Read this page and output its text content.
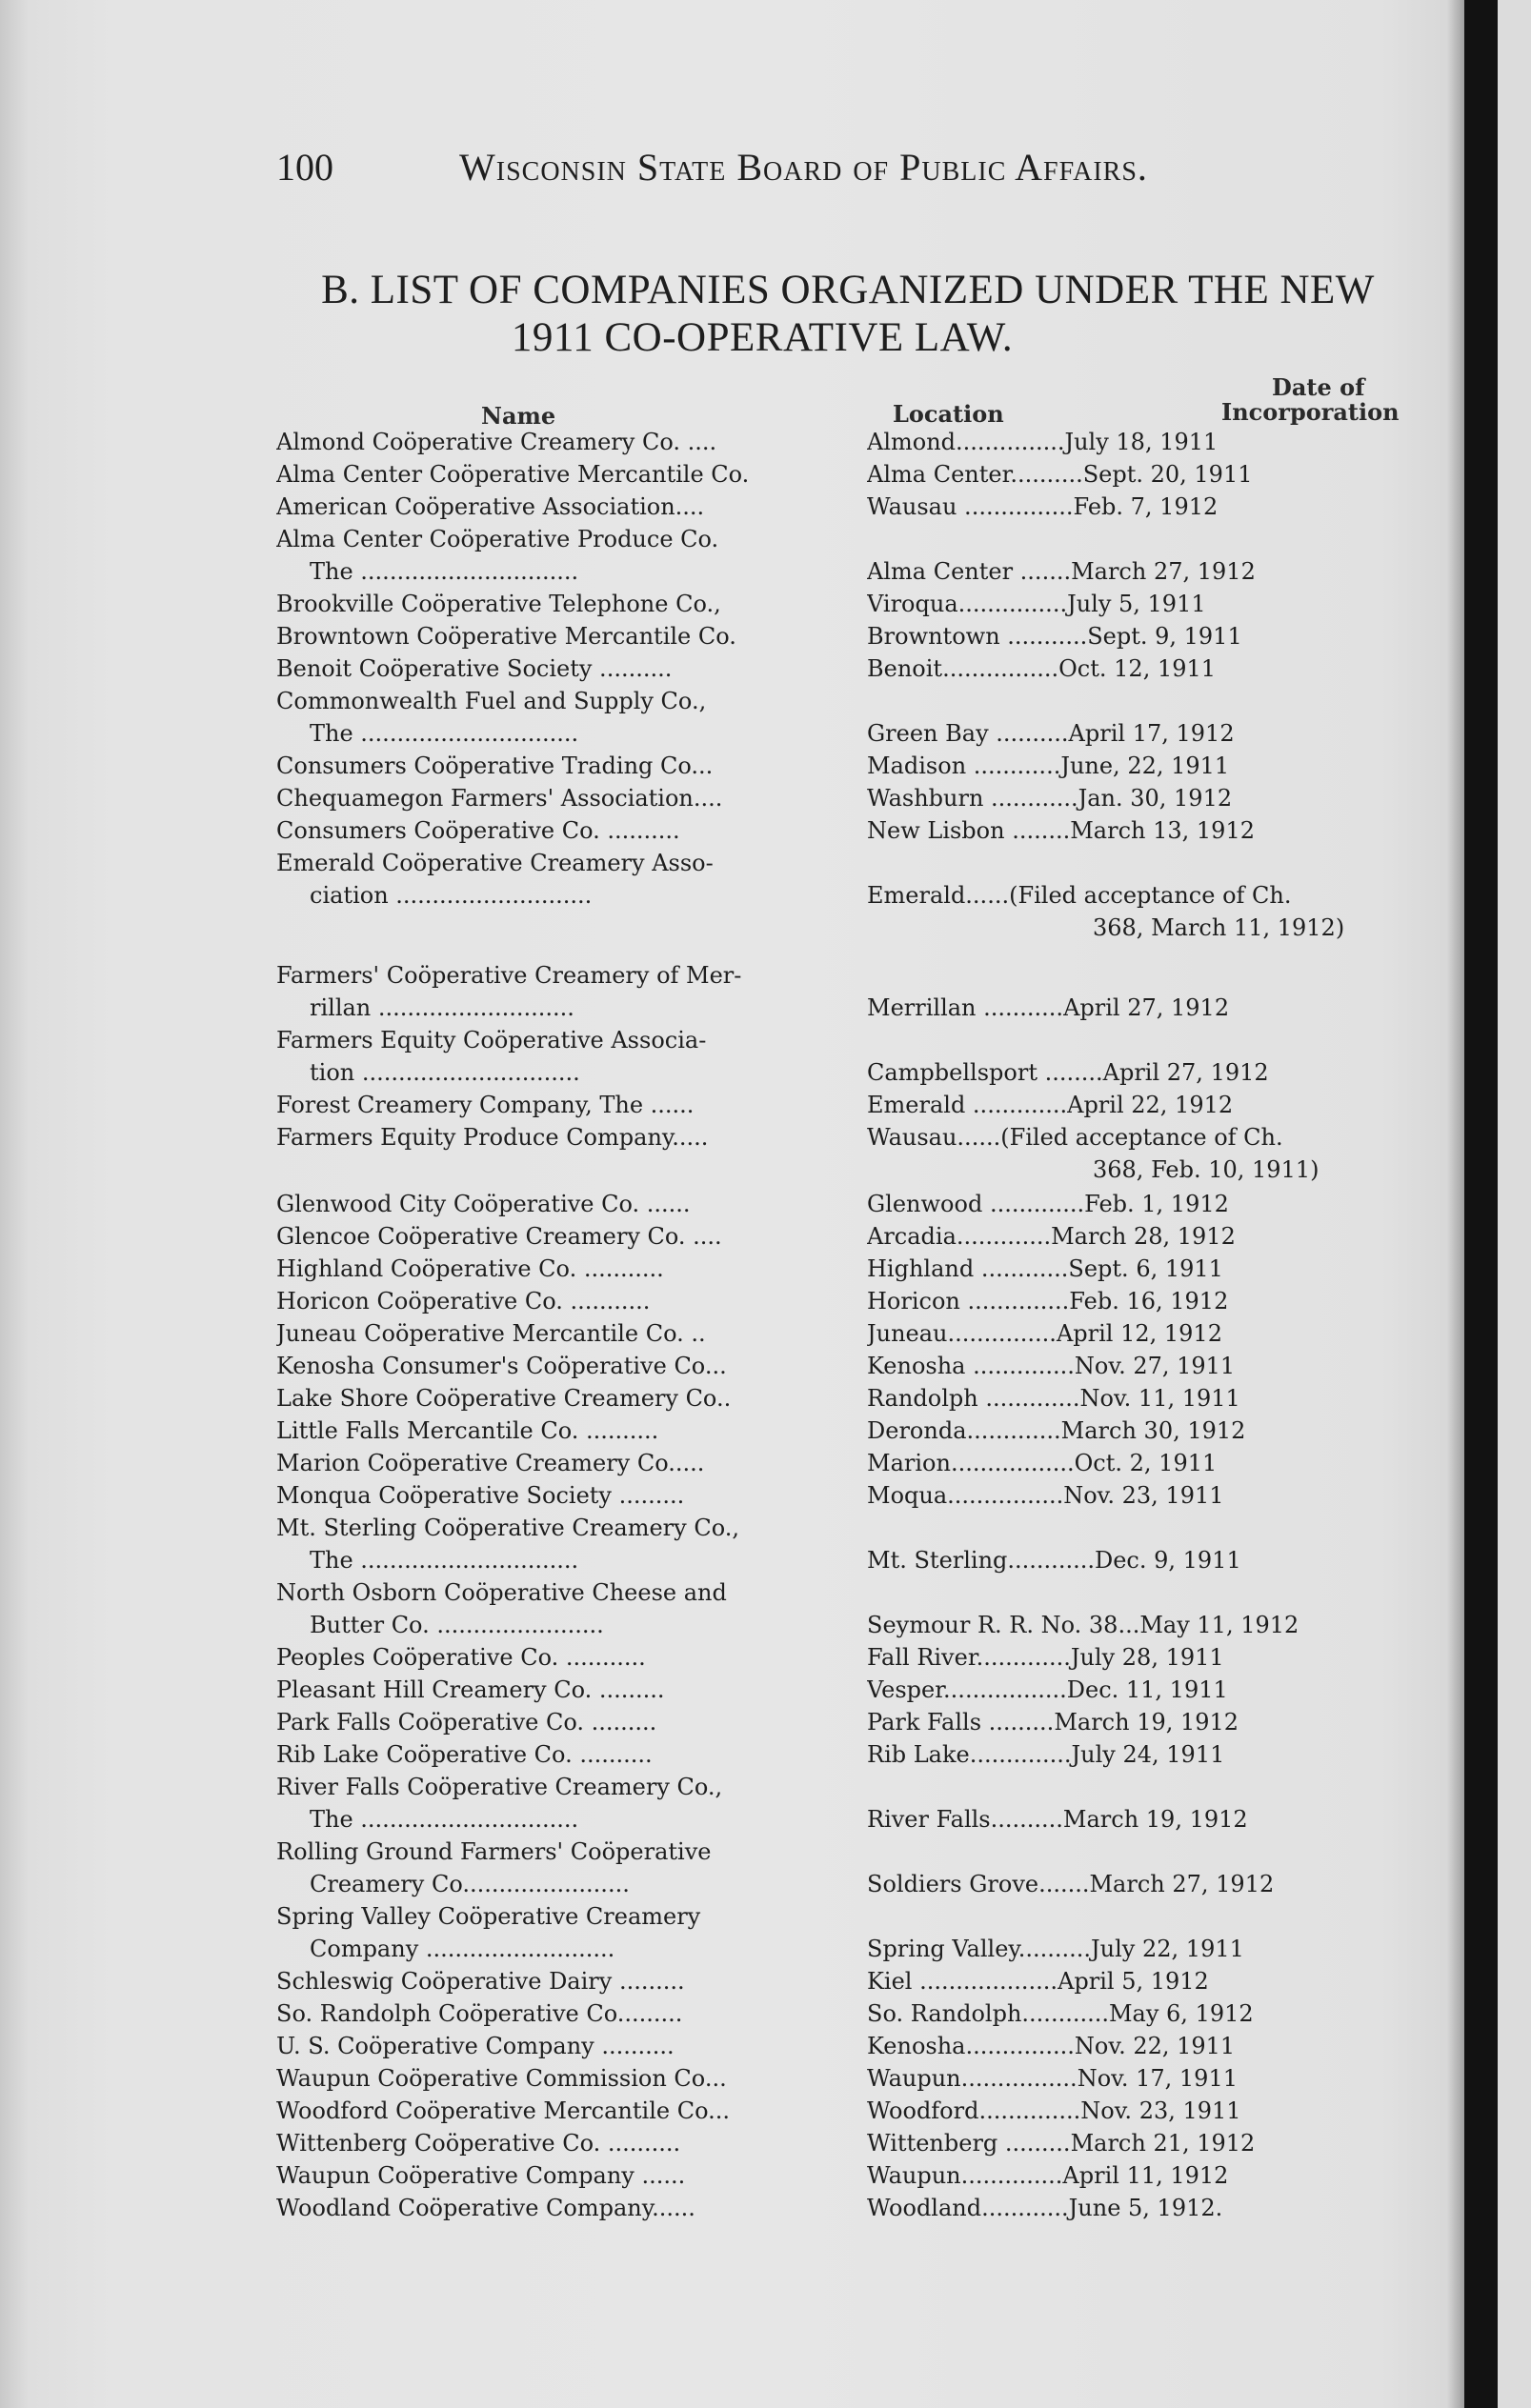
100	Wisconsin State Board of Public Affairs.
B. LIST OF COMPANIES ORGANIZED UNDER THE NEW
1911 CO-OPERATIVE LAW.
Name	Location
Date of
Incorporation
Almond Coöperative Creamery Co. ....	Almond...............July 18, 1911
Alma Center Coöperative Mercantile Co.	Alma Center..........Sept. 20, 1911
American Coöperative Association....	Wausau ...............Feb. 7, 1912
Alma Center Coöperative Produce Co.
The ..............................	Alma Center .......March 27, 1912
Brookville Coöperative Telephone Co.,	Viroqua...............July 5, 1911
Browntown Coöperative Mercantile Co.	Browntown ...........Sept. 9, 1911
Benoit Coöperative Society ..........	Benoit................Oct. 12, 1911
Commonwealth Fuel and Supply Co.,
The ..............................	Green Bay ..........April 17, 1912
Consumers Coöperative Trading Co...	Madison ............June, 22, 1911
Chequamegon Farmers' Association....	Washburn ............Jan. 30, 1912
Consumers Coöperative Co. ..........	New Lisbon ........March 13, 1912
Emerald Coöperative Creamery Asso-
ciation ...........................	Emerald......(Filed acceptance of Ch.
368, March 11, 1912)
Farmers' Coöperative Creamery of Mer-
rillan ...........................	Merrillan ...........April 27, 1912
Farmers Equity Coöperative Associa-
tion ..............................	Campbellsport ........April 27, 1912
Forest Creamery Company, The ......	Emerald .............April 22, 1912
Farmers Equity Produce Company.....	Wausau......(Filed acceptance of Ch.
368, Feb. 10, 1911)
Glenwood City Coöperative Co. ......	Glenwood .............Feb. 1, 1912
Glencoe Coöperative Creamery Co. ....	Arcadia.............March 28, 1912
Highland Coöperative Co. ...........	Highland ............Sept. 6, 1911
Horicon Coöperative Co. ...........	Horicon ..............Feb. 16, 1912
Juneau Coöperative Mercantile Co. ..	Juneau...............April 12, 1912
Kenosha Consumer's Coöperative Co...	Kenosha ..............Nov. 27, 1911
Lake Shore Coöperative Creamery Co..	Randolph .............Nov. 11, 1911
Little Falls Mercantile Co. ..........	Deronda.............March 30, 1912
Marion Coöperative Creamery Co.....	Marion.................Oct. 2, 1911
Monqua Coöperative Society .........	Moqua................Nov. 23, 1911
Mt. Sterling Coöperative Creamery Co.,
The ..............................	Mt. Sterling............Dec. 9, 1911
North Osborn Coöperative Cheese and
Butter Co. .......................	Seymour R. R. No. 38...May 11, 1912
Peoples Coöperative Co. ...........	Fall River.............July 28, 1911
Pleasant Hill Creamery Co. .........	Vesper.................Dec. 11, 1911
Park Falls Coöperative Co. .........	Park Falls .........March 19, 1912
Rib Lake Coöperative Co. ..........	Rib Lake..............July 24, 1911
River Falls Coöperative Creamery Co.,
The ..............................	River Falls..........March 19, 1912
Rolling Ground Farmers' Coöperative
Creamery Co.......................	Soldiers Grove.......March 27, 1912
Spring Valley Coöperative Creamery
Company ..........................	Spring Valley..........July 22, 1911
Schleswig Coöperative Dairy .........	Kiel ...................April 5, 1912
So. Randolph Coöperative Co.........	So. Randolph............May 6, 1912
U. S. Coöperative Company ..........	Kenosha...............Nov. 22, 1911
Waupun Coöperative Commission Co...	Waupun................Nov. 17, 1911
Woodford Coöperative Mercantile Co...	Woodford..............Nov. 23, 1911
Wittenberg Coöperative Co. ..........	Wittenberg .........March 21, 1912
Waupun Coöperative Company ......	Waupun..............April 11, 1912
Woodland Coöperative Company......	Woodland............June 5, 1912.
